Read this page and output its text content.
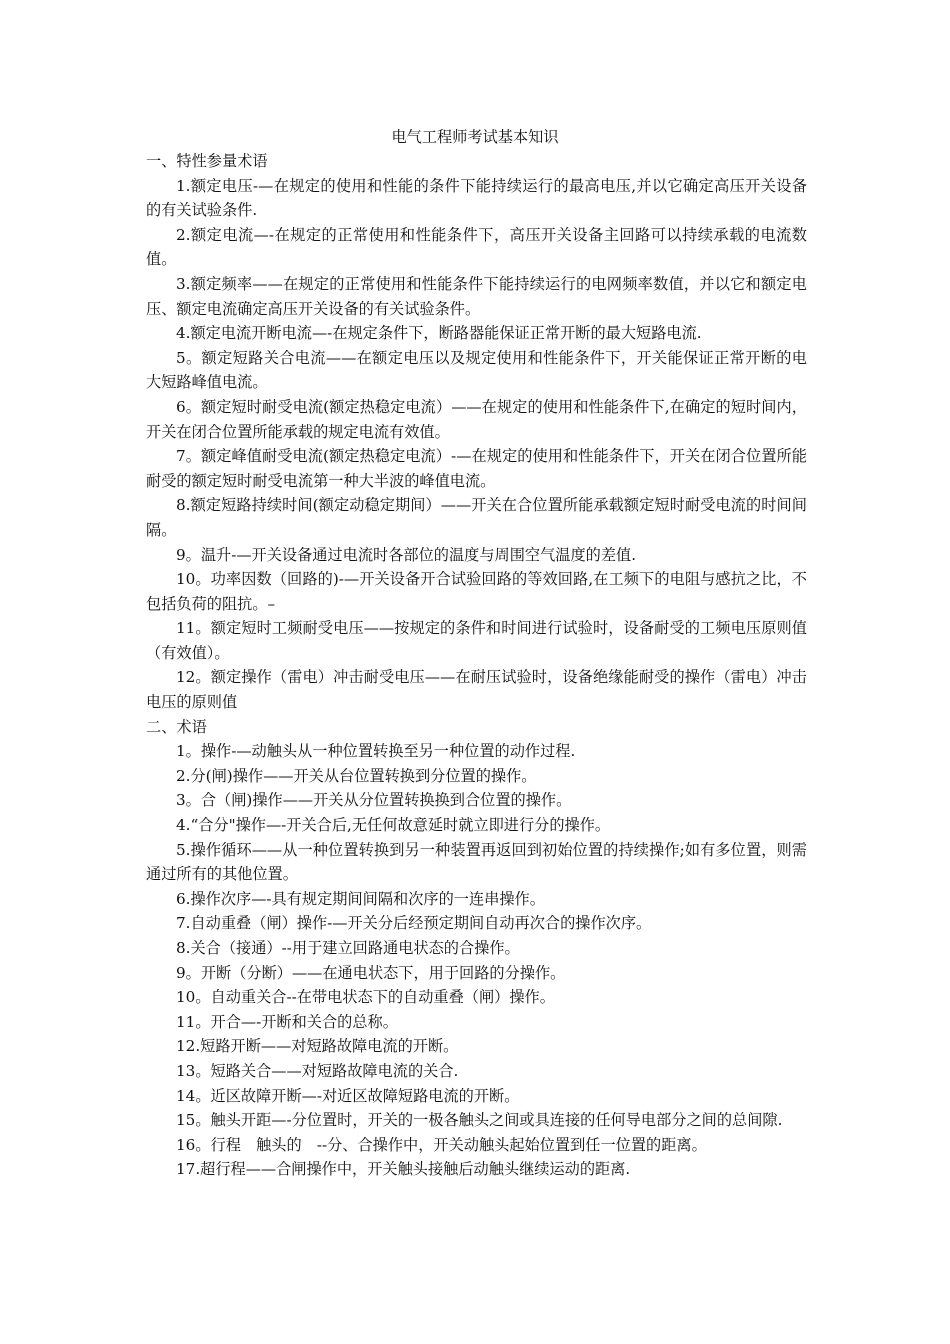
电气工程师考试基本知识

一、特性参量术语

1.额定电压-—在规定的使用和性能的条件下能持续运行的最高电压,并以它确定高压开关设备的有关试验条件.

2.额定电流—-在规定的正常使用和性能条件下，高压开关设备主回路可以持续承载的电流数值。

3.额定频率——在规定的正常使用和性能条件下能持续运行的电网频率数值，并以它和额定电压、额定电流确定高压开关设备的有关试验条件。

4.额定电流开断电流—-在规定条件下，断路器能保证正常开断的最大短路电流.

5。额定短路关合电流——在额定电压以及规定使用和性能条件下，开关能保证正常开断的电大短路峰值电流。

6。额定短时耐受电流(额定热稳定电流）——在规定的使用和性能条件下,在确定的短时间内，开关在闭合位置所能承载的规定电流有效值。

7。额定峰值耐受电流(额定热稳定电流）-—在规定的使用和性能条件下，开关在闭合位置所能耐受的额定短时耐受电流第一种大半波的峰值电流。

8.额定短路持续时间(额定动稳定期间）——开关在合位置所能承载额定短时耐受电流的时间间隔。

9。温升-—开关设备通过电流时各部位的温度与周围空气温度的差值.

10。功率因数（回路的)-—开关设备开合试验回路的等效回路,在工频下的电阻与感抗之比，不包括负荷的阻抗。–

11。额定短时工频耐受电压——按规定的条件和时间进行试验时，设备耐受的工频电压原则值（有效值）。

12。额定操作（雷电）冲击耐受电压——在耐压试验时，设备绝缘能耐受的操作（雷电）冲击电压的原则值

二、术语

1。操作-—动触头从一种位置转换至另一种位置的动作过程.

2.分(闸)操作——开关从台位置转换到分位置的操作。

3。合（闸)操作——开关从分位置转换换到合位置的操作。

4.“合分"操作—-开关合后,无任何故意延时就立即进行分的操作。

5.操作循环——从一种位置转换到另一种装置再返回到初始位置的持续操作;如有多位置，则需通过所有的其他位置。

6.操作次序—-具有规定期间间隔和次序的一连串操作。

7.自动重叠（闸）操作-—开关分后经预定期间自动再次合的操作次序。

8.关合（接通）--用于建立回路通电状态的合操作。

9。开断（分断）——在通电状态下，用于回路的分操作。

10。自动重关合--在带电状态下的自动重叠（闸）操作。

11。开合—-开断和关合的总称。

12.短路开断——对短路故障电流的开断。

13。短路关合——对短路故障电流的关合.

14。近区故障开断—-对近区故障短路电流的开断。

15。触头开距—-分位置时，开关的一极各触头之间或具连接的任何导电部分之间的总间隙.

16。行程　触头的　--分、合操作中，开关动触头起始位置到任一位置的距离。

17.超行程——合闸操作中，开关触头接触后动触头继续运动的距离.
